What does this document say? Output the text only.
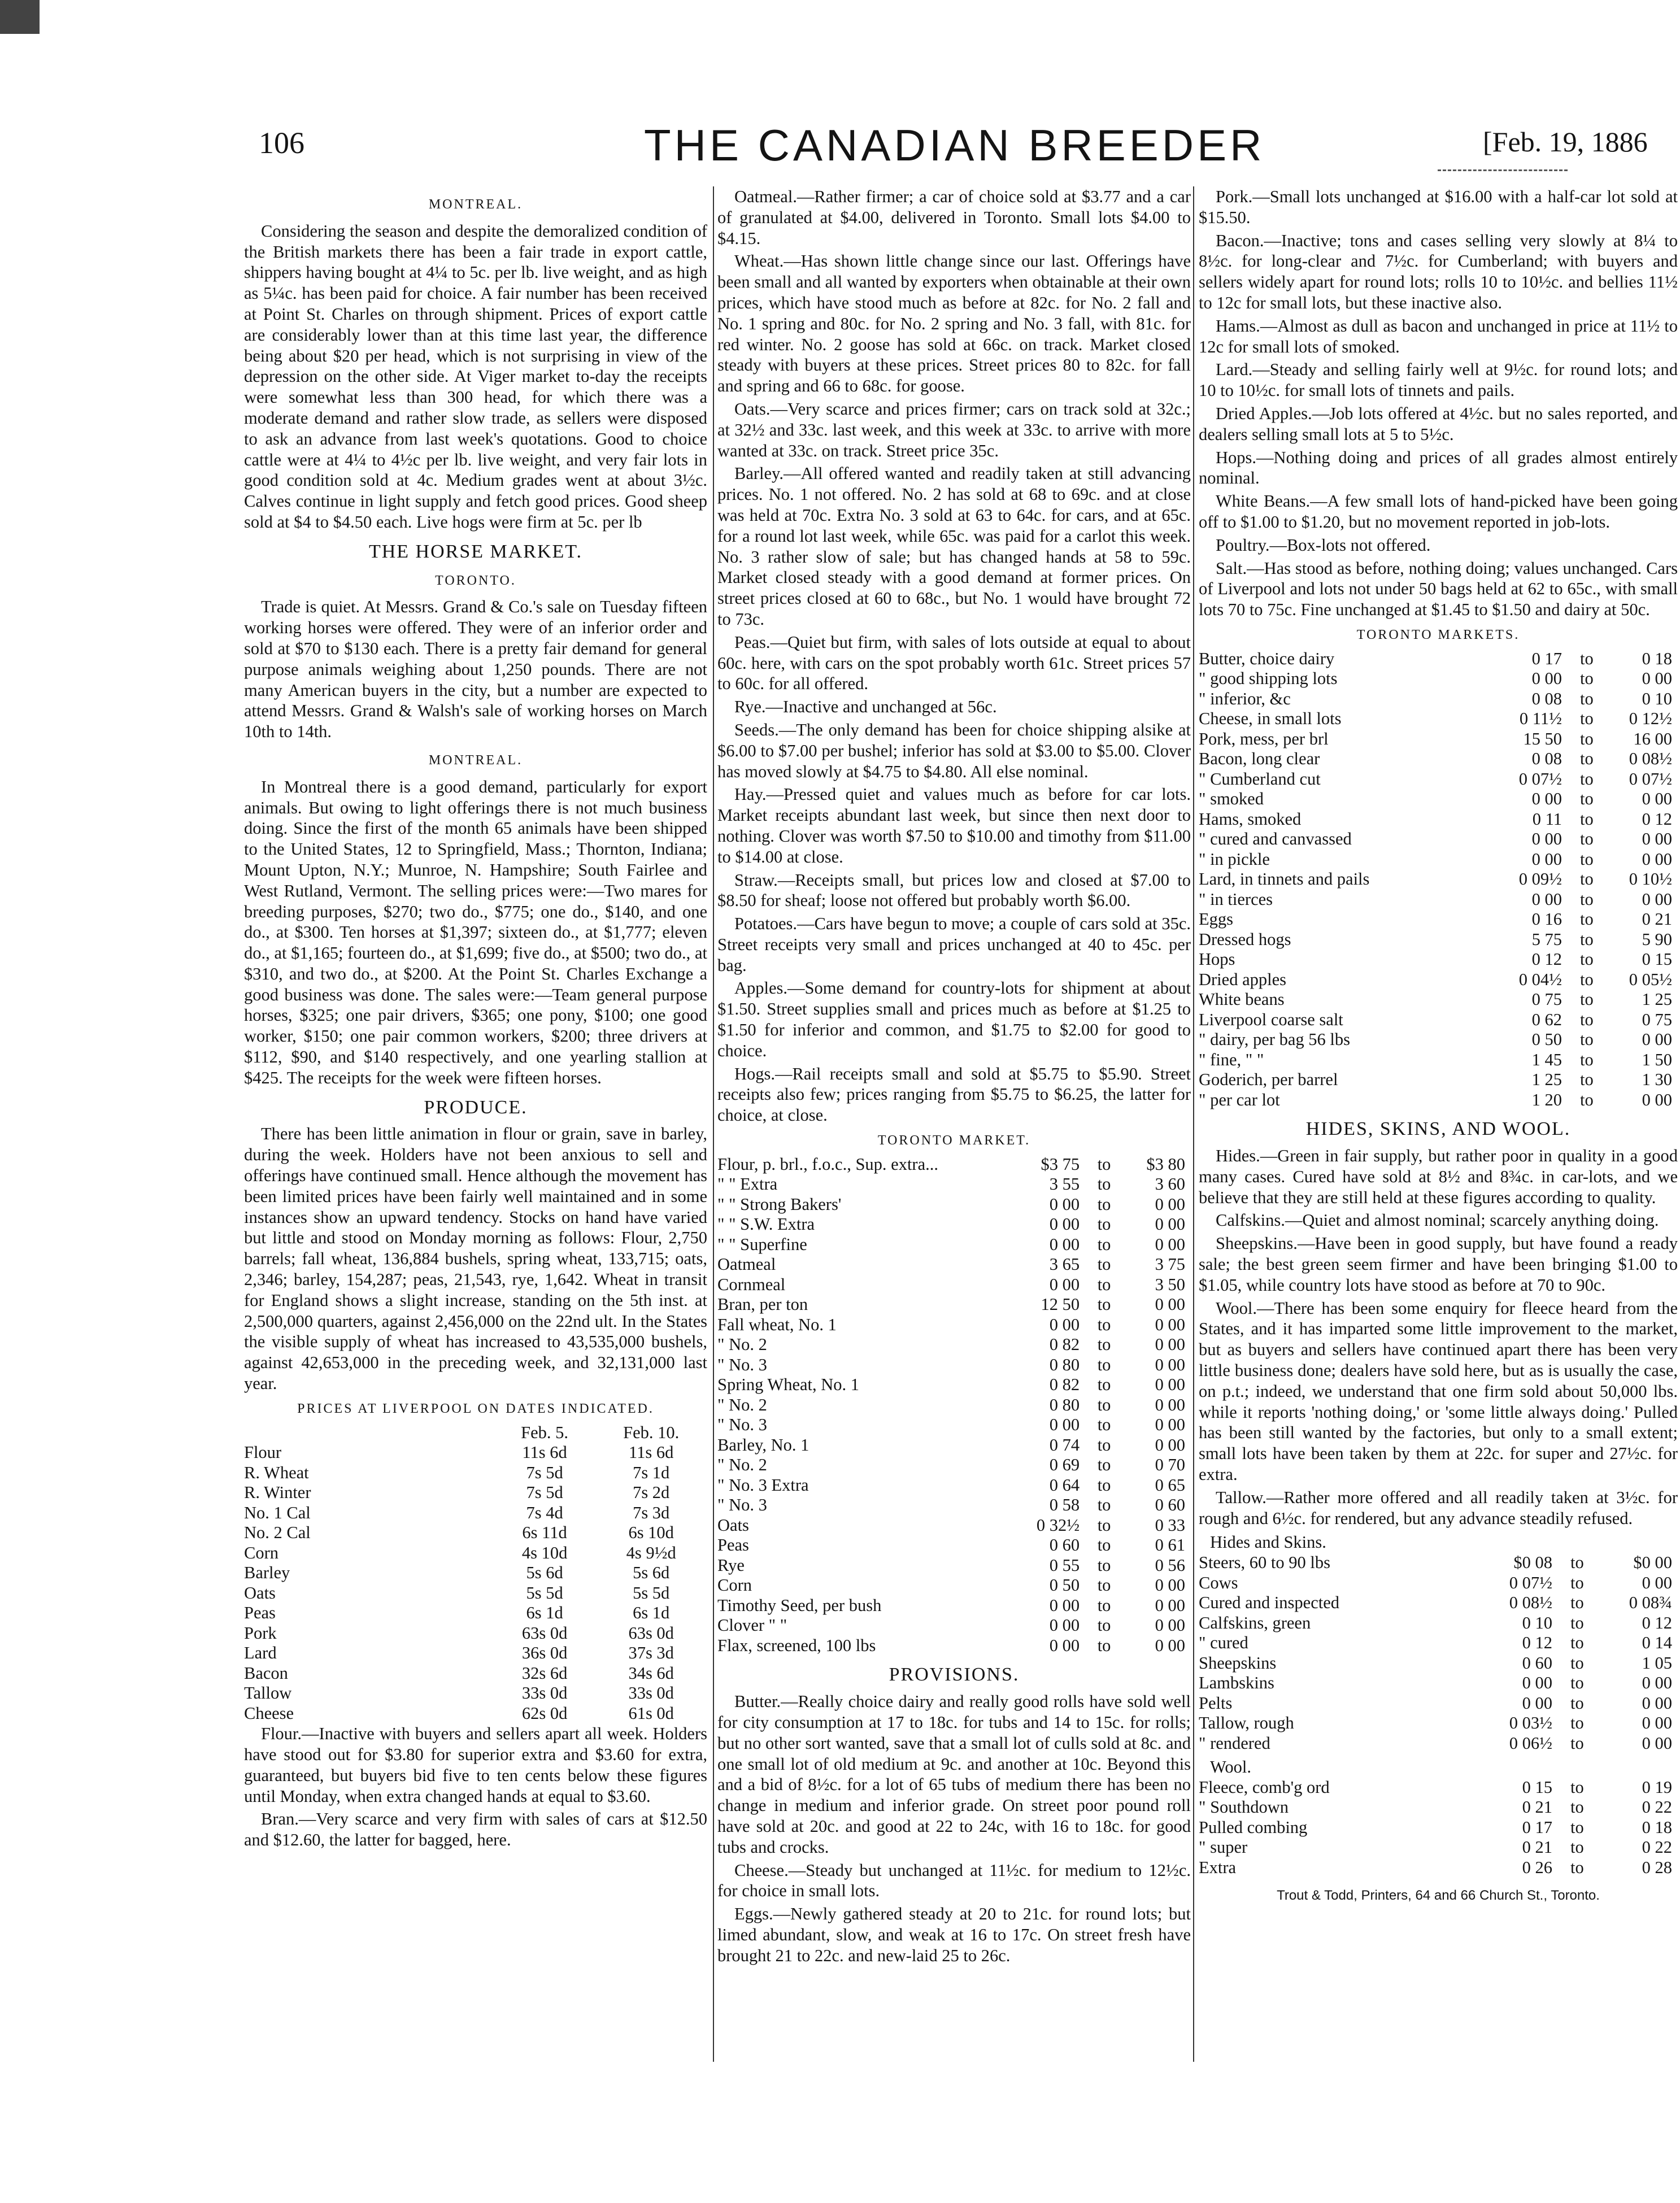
106	THE CANADIAN BREEDER	[Feb. 19, 1886
MONTREAL.

Considering the season and despite the demoralized condition of the British markets there has been a fair trade in export cattle, shippers having bought at 4¼ to 5c. per lb. live weight, and as high as 5¼c. has been paid for choice. A fair number has been received at Point St. Charles on through shipment. Prices of export cattle are considerably lower than at this time last year, the difference being about $20 per head, which is not surprising in view of the depression on the other side. At Viger market to-day the receipts were somewhat less than 300 head, for which there was a moderate demand and rather slow trade, as sellers were disposed to ask an advance from last week's quotations. Good to choice cattle were at 4¼ to 4½c per lb. live weight, and very fair lots in good condition sold at 4c. Medium grades went at about 3½c. Calves continue in light supply and fetch good prices. Good sheep sold at $4 to $4.50 each. Live hogs were firm at 5c. per lb

THE HORSE MARKET.
TORONTO.

Trade is quiet. At Messrs. Grand & Co.'s sale on Tuesday fifteen working horses were offered. They were of an inferior order and sold at $70 to $130 each. There is a pretty fair demand for general purpose animals weighing about 1,250 pounds. There are not many American buyers in the city, but a number are expected to attend Messrs. Grand & Walsh's sale of working horses on March 10th to 14th.

MONTREAL.

In Montreal there is a good demand, particularly for export animals. But owing to light offerings there is not much business doing. Since the first of the month 65 animals have been shipped to the United States, 12 to Springfield, Mass.; Thornton, Indiana; Mount Upton, N.Y.; Munroe, N. Hampshire; South Fairlee and West Rutland, Vermont. The selling prices were:—Two mares for breeding purposes, $270; two do., $775; one do., $140, and one do., at $300. Ten horses at $1,397; sixteen do., at $1,777; eleven do., at $1,165; fourteen do., at $1,699; five do., at $500; two do., at $310, and two do., at $200. At the Point St. Charles Exchange a good business was done. The sales were:—Team general purpose horses, $325; one pair drivers, $365; one pony, $100; one good worker, $150; one pair common workers, $200; three drivers at $112, $90, and $140 respectively, and one yearling stallion at $425. The receipts for the week were fifteen horses.

PRODUCE.

There has been little animation in flour or grain, save in barley, during the week. Holders have not been anxious to sell and offerings have continued small. Hence although the movement has been limited prices have been fairly well maintained and in some instances show an upward tendency. Stocks on hand have varied but little and stood on Monday morning as follows: Flour, 2,750 barrels; fall wheat, 136,884 bushels, spring wheat, 133,715; oats, 2,346; barley, 154,287; peas, 21,543, rye, 1,642. Wheat in transit for England shows a slight increase, standing on the 5th inst. at 2,500,000 quarters, against 2,456,000 on the 22nd ult. In the States the visible supply of wheat has increased to 43,535,000 bushels, against 42,653,000 in the preceding week, and 32,131,000 last year.

PRICES AT LIVERPOOL ON DATES INDICATED.
	Feb. 5.	Feb. 10.
Flour	11s 6d	11s 6d
R. Wheat	7s 5d	7s 1d
R. Winter	7s 5d	7s 2d
No. 1 Cal	7s 4d	7s 3d
No. 2 Cal	6s 11d	6s 10d
Corn	4s 10d	4s 9½d
Barley	5s 6d	5s 6d
Oats	5s 5d	5s 5d
Peas	6s 1d	6s 1d
Pork	63s 0d	63s 0d
Lard	36s 0d	37s 3d
Bacon	32s 6d	34s 6d
Tallow	33s 0d	33s 0d
Cheese	62s 0d	61s 0d

Flour.—Inactive with buyers and sellers apart all week. Holders have stood out for $3.80 for superior extra and $3.60 for extra, guaranteed, but buyers bid five to ten cents below these figures until Monday, when extra changed hands at equal to $3.60.

Bran.—Very scarce and very firm with sales of cars at $12.50 and $12.60, the latter for bagged, here.

Oatmeal.—Rather firmer; a car of choice sold at $3.77 and a car of granulated at $4.00, delivered in Toronto. Small lots $4.00 to $4.15.

Wheat.—Has shown little change since our last. Offerings have been small and all wanted by exporters when obtainable at their own prices, which have stood much as before at 82c. for No. 2 fall and No. 1 spring and 80c. for No. 2 spring and No. 3 fall, with 81c. for red winter. No. 2 goose has sold at 66c. on track. Market closed steady with buyers at these prices. Street prices 80 to 82c. for fall and spring and 66 to 68c. for goose.

Oats.—Very scarce and prices firmer; cars on track sold at 32c.; at 32½ and 33c. last week, and this week at 33c. to arrive with more wanted at 33c. on track. Street price 35c.

Barley.—All offered wanted and readily taken at still advancing prices. No. 1 not offered. No. 2 has sold at 68 to 69c. and at close was held at 70c. Extra No. 3 sold at 63 to 64c. for cars, and at 65c. for a round lot last week, while 65c. was paid for a carlot this week. No. 3 rather slow of sale; but has changed hands at 58 to 59c. Market closed steady with a good demand at former prices. On street prices closed at 60 to 68c., but No. 1 would have brought 72 to 73c.

Peas.—Quiet but firm, with sales of lots outside at equal to about 60c. here, with cars on the spot probably worth 61c. Street prices 57 to 60c. for all offered.

Rye.—Inactive and unchanged at 56c.

Seeds.—The only demand has been for choice shipping alsike at $6.00 to $7.00 per bushel; inferior has sold at $3.00 to $5.00. Clover has moved slowly at $4.75 to $4.80. All else nominal.

Hay.—Pressed quiet and values much as before for car lots. Market receipts abundant last week, but since then next door to nothing. Clover was worth $7.50 to $10.00 and timothy from $11.00 to $14.00 at close.

Straw.—Receipts small, but prices low and closed at $7.00 to $8.50 for sheaf; loose not offered but probably worth $6.00.

Potatoes.—Cars have begun to move; a couple of cars sold at 35c. Street receipts very small and prices unchanged at 40 to 45c. per bag.

Apples.—Some demand for country-lots for shipment at about $1.50. Street supplies small and prices much as before at $1.25 to $1.50 for inferior and common, and $1.75 to $2.00 for good to choice.

Hogs.—Rail receipts small and sold at $5.75 to $5.90. Street receipts also few; prices ranging from $5.75 to $6.25, the latter for choice, at close.

TORONTO MARKET.
Flour, p. brl., f.o.c., Sup. extra...	$3 75	to	$3 80
" " Extra	3 55	to	3 60
" " Strong Bakers'	0 00	to	0 00
" " S.W. Extra	0 00	to	0 00
" " Superfine	0 00	to	0 00
Oatmeal	3 65	to	3 75
Cornmeal	0 00	to	3 50
Bran, per ton	12 50	to	0 00
Fall wheat, No. 1	0 00	to	0 00
" No. 2	0 82	to	0 00
" No. 3	0 80	to	0 00
Spring Wheat, No. 1	0 82	to	0 00
" No. 2	0 80	to	0 00
" No. 3	0 00	to	0 00
Barley, No. 1	0 74	to	0 00
" No. 2	0 69	to	0 70
" No. 3 Extra	0 64	to	0 65
" No. 3	0 58	to	0 60
Oats	0 32½	to	0 33
Peas	0 60	to	0 61
Rye	0 55	to	0 56
Corn	0 50	to	0 00
Timothy Seed, per bush	0 00	to	0 00
Clover " "	0 00	to	0 00
Flax, screened, 100 lbs	0 00	to	0 00
PROVISIONS.

Butter.—Really choice dairy and really good rolls have sold well for city consumption at 17 to 18c. for tubs and 14 to 15c. for rolls; but no other sort wanted, save that a small lot of culls sold at 8c. and one small lot of old medium at 9c. and another at 10c. Beyond this and a bid of 8½c. for a lot of 65 tubs of medium there has been no change in medium and inferior grade. On street poor pound roll have sold at 20c. and good at 22 to 24c, with 16 to 18c. for good tubs and crocks.

Cheese.—Steady but unchanged at 11½c. for medium to 12½c. for choice in small lots.

Eggs.—Newly gathered steady at 20 to 21c. for round lots; but limed abundant, slow, and weak at 16 to 17c. On street fresh have brought 21 to 22c. and new-laid 25 to 26c.

Pork.—Small lots unchanged at $16.00 with a half-car lot sold at $15.50.

Bacon.—Inactive; tons and cases selling very slowly at 8¼ to 8½c. for long-clear and 7½c. for Cumberland; with buyers and sellers widely apart for round lots; rolls 10 to 10½c. and bellies 11½ to 12c for small lots, but these inactive also.

Hams.—Almost as dull as bacon and unchanged in price at 11½ to 12c for small lots of smoked.

Lard.—Steady and selling fairly well at 9½c. for round lots; and 10 to 10½c. for small lots of tinnets and pails.

Dried Apples.—Job lots offered at 4½c. but no sales reported, and dealers selling small lots at 5 to 5½c.

Hops.—Nothing doing and prices of all grades almost entirely nominal.

White Beans.—A few small lots of hand-picked have been going off to $1.00 to $1.20, but no movement reported in job-lots.

Poultry.—Box-lots not offered.

Salt.—Has stood as before, nothing doing; values unchanged. Cars of Liverpool and lots not under 50 bags held at 62 to 65c., with small lots 70 to 75c. Fine unchanged at $1.45 to $1.50 and dairy at 50c.

TORONTO MARKETS.
Butter, choice dairy	0 17	to	0 18
" good shipping lots	0 00	to	0 00
" inferior, &c	0 08	to	0 10
Cheese, in small lots	0 11½	to	0 12½
Pork, mess, per brl	15 50	to	16 00
Bacon, long clear	0 08	to	0 08½
" Cumberland cut	0 07½	to	0 07½
" smoked	0 00	to	0 00
Hams, smoked	0 11	to	0 12
" cured and canvassed	0 00	to	0 00
" in pickle	0 00	to	0 00
Lard, in tinnets and pails	0 09½	to	0 10½
" in tierces	0 00	to	0 00
Eggs	0 16	to	0 21
Dressed hogs	5 75	to	5 90
Hops	0 12	to	0 15
Dried apples	0 04½	to	0 05½
White beans	0 75	to	1 25
Liverpool coarse salt	0 62	to	0 75
" dairy, per bag 56 lbs	0 50	to	0 00
" fine, " "	1 45	to	1 50
Goderich, per barrel	1 25	to	1 30
" per car lot	1 20	to	0 00
HIDES, SKINS, AND WOOL.

Hides.—Green in fair supply, but rather poor in quality in a good many cases. Cured have sold at 8½ and 8¾c. in car-lots, and we believe that they are still held at these figures according to quality.

Calfskins.—Quiet and almost nominal; scarcely anything doing.

Sheepskins.—Have been in good supply, but have found a ready sale; the best green seem firmer and have been bringing $1.00 to $1.05, while country lots have stood as before at 70 to 90c.

Wool.—There has been some enquiry for fleece heard from the States, and it has imparted some little improvement to the market, but as buyers and sellers have continued apart there has been very little business done; dealers have sold here, but as is usually the case, on p.t.; indeed, we understand that one firm sold about 50,000 lbs. while it reports 'nothing doing,' or 'some little always doing.' Pulled has been still wanted by the factories, but only to a small extent; small lots have been taken by them at 22c. for super and 27½c. for extra.

Tallow.—Rather more offered and all readily taken at 3½c. for rough and 6½c. for rendered, but any advance steadily refused.

Hides and Skins.
Steers, 60 to 90 lbs	$0 08	to	$0 00
Cows	0 07½	to	0 00
Cured and inspected	0 08½	to	0 08¾
Calfskins, green	0 10	to	0 12
" cured	0 12	to	0 14
Sheepskins	0 60	to	1 05
Lambskins	0 00	to	0 00
Pelts	0 00	to	0 00
Tallow, rough	0 03½	to	0 00
" rendered	0 06½	to	0 00
Wool.
Fleece, comb'g ord	0 15	to	0 19
" Southdown	0 21	to	0 22
Pulled combing	0 17	to	0 18
" super	0 21	to	0 22
Extra	0 26	to	0 28
Trout & Todd, Printers, 64 and 66 Church St., Toronto.
